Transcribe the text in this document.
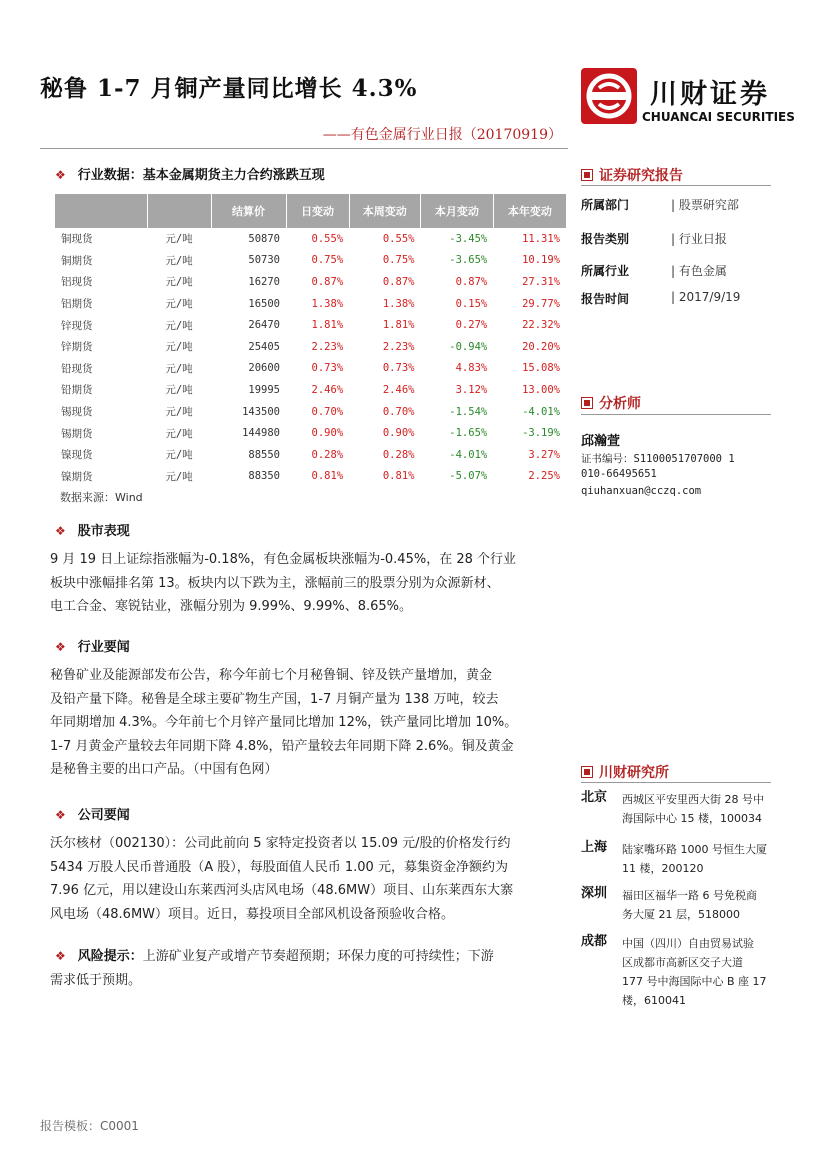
秘鲁 1-7 月铜产量同比增长 4.3%
——有色金属行业日报（20170919）
川财证券
CHUANCAI SECURITIES
❖ 行业数据：基本金属期货主力合约涨跌互现
		结算价	日变动	本周变动	本月变动	本年变动
铜现货	元/吨	50870	0.55%	0.55%	-3.45%	11.31%
铜期货	元/吨	50730	0.75%	0.75%	-3.65%	10.19%
铝现货	元/吨	16270	0.87%	0.87%	0.87%	27.31%
铝期货	元/吨	16500	1.38%	1.38%	0.15%	29.77%
锌现货	元/吨	26470	1.81%	1.81%	0.27%	22.32%
锌期货	元/吨	25405	2.23%	2.23%	-0.94%	20.20%
铅现货	元/吨	20600	0.73%	0.73%	4.83%	15.08%
铅期货	元/吨	19995	2.46%	2.46%	3.12%	13.00%
锡现货	元/吨	143500	0.70%	0.70%	-1.54%	-4.01%
锡期货	元/吨	144980	0.90%	0.90%	-1.65%	-3.19%
镍现货	元/吨	88550	0.28%	0.28%	-4.01%	3.27%
镍期货	元/吨	88350	0.81%	0.81%	-5.07%	2.25%
数据来源：Wind
❖ 股市表现
9 月 19 日上证综指涨幅为-0.18%，有色金属板块涨幅为-0.45%，在 28 个行业
板块中涨幅排名第 13。板块内以下跌为主，涨幅前三的股票分别为众源新材、
电工合金、寒锐钴业，涨幅分别为 9.99%、9.99%、8.65%。
❖ 行业要闻
秘鲁矿业及能源部发布公告，称今年前七个月秘鲁铜、锌及铁产量增加，黄金
及铅产量下降。秘鲁是全球主要矿物生产国，1-7 月铜产量为 138 万吨，较去
年同期增加 4.3%。今年前七个月锌产量同比增加 12%，铁产量同比增加 10%。
1-7 月黄金产量较去年同期下降 4.8%，铅产量较去年同期下降 2.6%。铜及黄金
是秘鲁主要的出口产品。（中国有色网）
❖ 公司要闻
沃尔核材（002130）：公司此前向 5 家特定投资者以 15.09 元/股的价格发行约
5434 万股人民币普通股（A 股），每股面值人民币 1.00 元，募集资金净额约为
7.96 亿元，用以建设山东莱西河头店风电场（48.6MW）项目、山东莱西东大寨
风电场（48.6MW）项目。近日，募投项目全部风机设备预验收合格。
❖ 风险提示：上游矿业复产或增产节奏超预期；环保力度的可持续性；下游
需求低于预期。
证券研究报告
所属部门	| 股票研究部
报告类别	| 行业日报
所属行业	| 有色金属
报告时间	| 2017/9/19
分析师
邱瀚萱
证书编号：S1100051707000 1
010-66495651
qiuhanxuan@cczq.com
川财研究所
北京 西城区平安里西大街 28 号中
海国际中心 15 楼，100034
上海 陆家嘴环路 1000 号恒生大厦
11 楼，200120
深圳 福田区福华一路 6 号免税商
务大厦 21 层，518000
成都 中国（四川）自由贸易试验
区成都市高新区交子大道
177 号中海国际中心 B 座 17
楼，610041
报告模板：C0001
